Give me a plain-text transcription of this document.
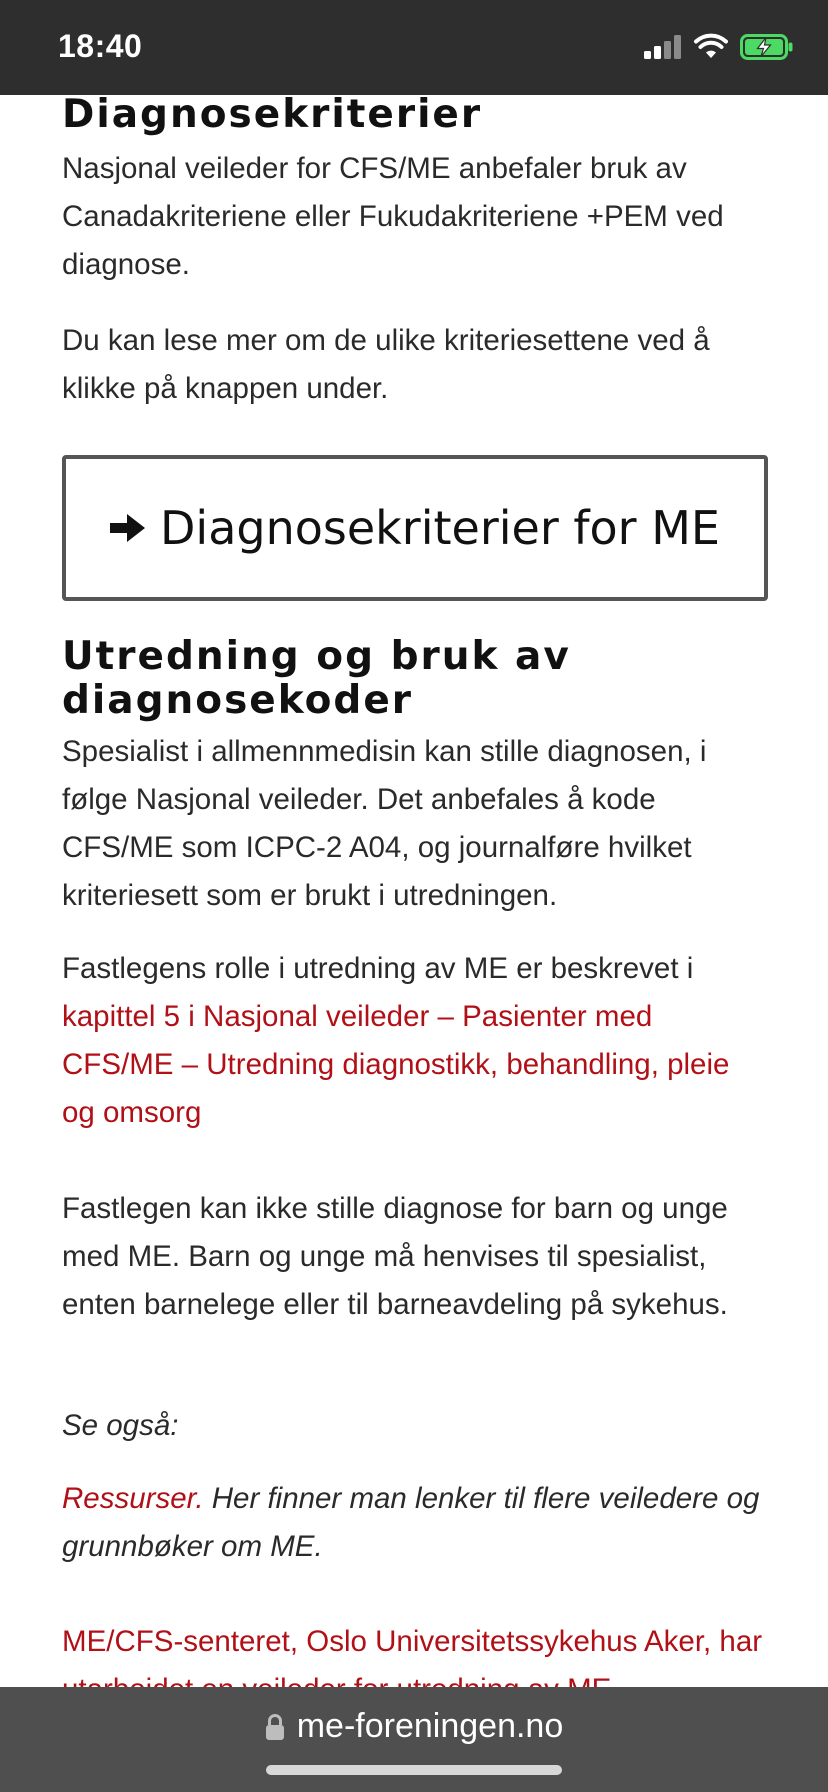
18:40
Diagnosekriterier

Nasjonal veileder for CFS/ME anbefaler bruk av Canadakriteriene eller Fukudakriteriene +PEM ved diagnose.

Du kan lese mer om de ulike kriteriesettene ved å klikke på knappen under.

Diagnosekriterier for ME
Utredning og bruk av
diagnosekoder

Spesialist i allmennmedisin kan stille diagnosen, i følge Nasjonal veileder. Det anbefales å kode CFS/ME som ICPC-2 A04, og journalføre hvilket kriteriesett som er brukt i utredningen.

Fastlegens rolle i utredning av ME er beskrevet i kapittel 5 i Nasjonal veileder – Pasienter med CFS/ME – Utredning diagnostikk, behandling, pleie og omsorg

Fastlegen kan ikke stille diagnose for barn og unge med ME. Barn og unge må henvises til spesialist, enten barnelege eller til barneavdeling på sykehus.

Se også:

Ressurser. Her finner man lenker til flere veiledere og grunnbøker om ME.

ME/CFS-senteret, Oslo Universitetssykehus Aker, har

me-foreningen.no
